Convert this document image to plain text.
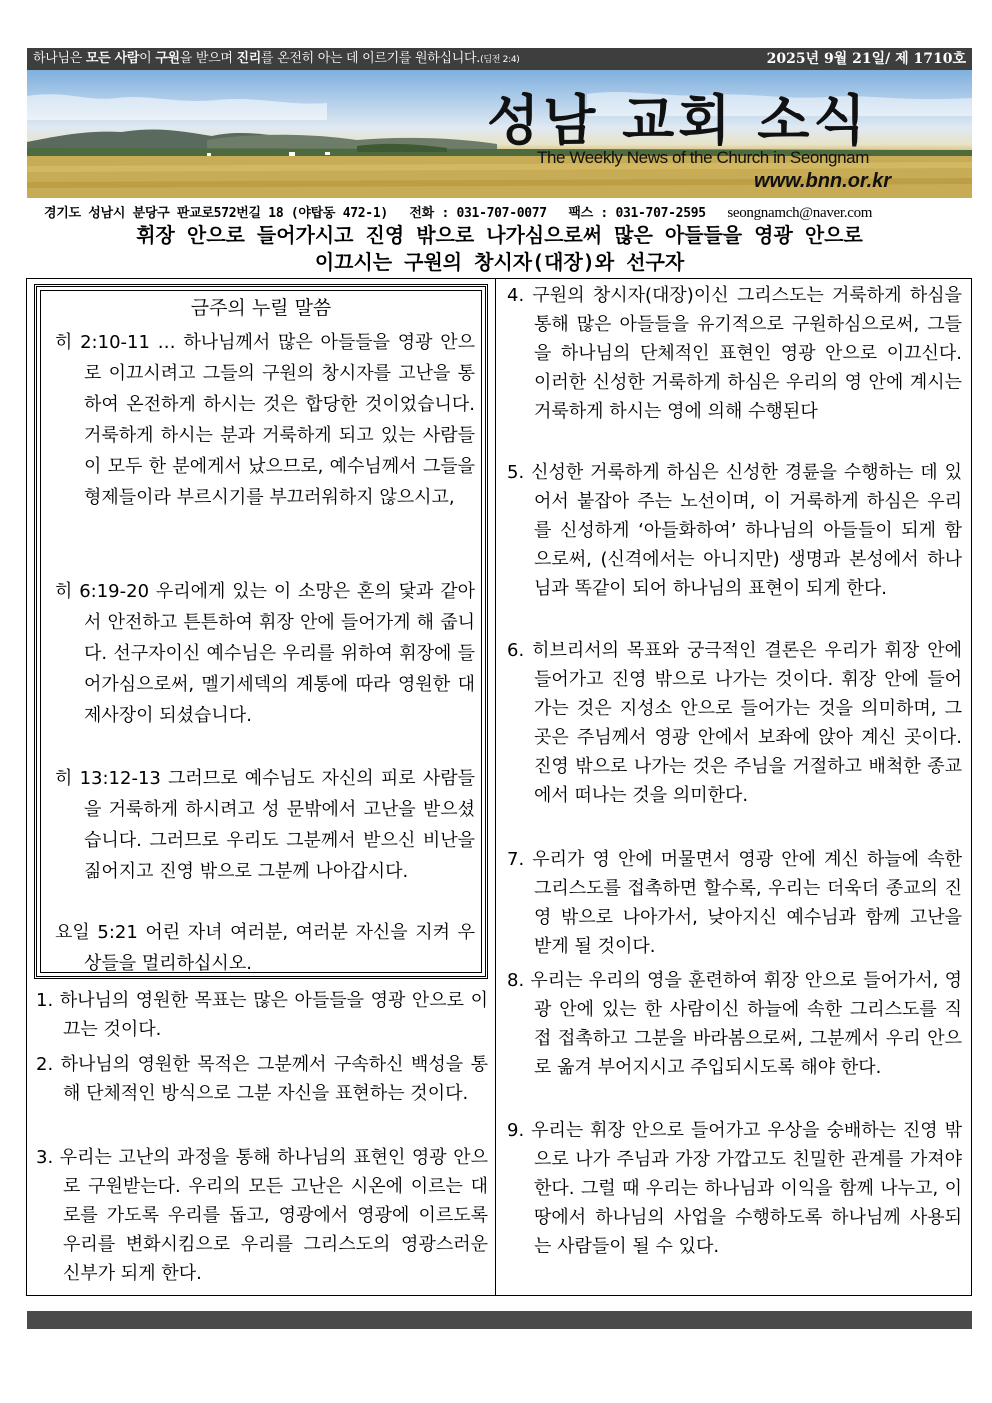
하나님은 모든 사람이 구원을 받으며 진리를 온전히 아는 데 이르기를 원하십니다.(딤전 2:4)	2025년 9월 21일/ 제 1710호
성남 교회 소식
The Weekly News of the Church in Seongnam
www.bnn.or.kr
경기도 성남시 분당구 판교로572번길 18 (야탑동 472-1) 전화 : 031-707-0077 팩스 : 031-707-2595 seongnamch@naver.com
휘장 안으로 들어가시고 진영 밖으로 나가심으로써 많은 아들들을 영광 안으로
이끄시는 구원의 창시자(대장)와 선구자
금주의 누릴 말씀
히 2:10-11 … 하나님께서 많은 아들들을 영광 안으로 이끄시려고 그들의 구원의 창시자를 고난을 통하여 온전하게 하시는 것은 합당한 것이었습니다. 거룩하게 하시는 분과 거룩하게 되고 있는 사람들이 모두 한 분에게서 났으므로, 예수님께서 그들을 형제들이라 부르시기를 부끄러워하지 않으시고,
히 6:19-20 우리에게 있는 이 소망은 혼의 닻과 같아서 안전하고 튼튼하여 휘장 안에 들어가게 해 줍니다. 선구자이신 예수님은 우리를 위하여 휘장에 들어가심으로써, 멜기세덱의 계통에 따라 영원한 대제사장이 되셨습니다.
히 13:12-13 그러므로 예수님도 자신의 피로 사람들을 거룩하게 하시려고 성 문밖에서 고난을 받으셨습니다. 그러므로 우리도 그분께서 받으신 비난을 짊어지고 진영 밖으로 그분께 나아갑시다.
요일 5:21 어린 자녀 여러분, 여러분 자신을 지켜 우상들을 멀리하십시오.
1. 하나님의 영원한 목표는 많은 아들들을 영광 안으로 이끄는 것이다.
2. 하나님의 영원한 목적은 그분께서 구속하신 백성을 통해 단체적인 방식으로 그분 자신을 표현하는 것이다.
3. 우리는 고난의 과정을 통해 하나님의 표현인 영광 안으로 구원받는다. 우리의 모든 고난은 시온에 이르는 대로를 가도록 우리를 돕고, 영광에서 영광에 이르도록 우리를 변화시킴으로 우리를 그리스도의 영광스러운 신부가 되게 한다.
4. 구원의 창시자(대장)이신 그리스도는 거룩하게 하심을 통해 많은 아들들을 유기적으로 구원하심으로써, 그들을 하나님의 단체적인 표현인 영광 안으로 이끄신다. 이러한 신성한 거룩하게 하심은 우리의 영 안에 계시는 거룩하게 하시는 영에 의해 수행된다
5. 신성한 거룩하게 하심은 신성한 경륜을 수행하는 데 있어서 붙잡아 주는 노선이며, 이 거룩하게 하심은 우리를 신성하게 ‘아들화하여’ 하나님의 아들들이 되게 함으로써, (신격에서는 아니지만) 생명과 본성에서 하나님과 똑같이 되어 하나님의 표현이 되게 한다.
6. 히브리서의 목표와 궁극적인 결론은 우리가 휘장 안에 들어가고 진영 밖으로 나가는 것이다. 휘장 안에 들어가는 것은 지성소 안으로 들어가는 것을 의미하며, 그곳은 주님께서 영광 안에서 보좌에 앉아 계신 곳이다. 진영 밖으로 나가는 것은 주님을 거절하고 배척한 종교에서 떠나는 것을 의미한다.
7. 우리가 영 안에 머물면서 영광 안에 계신 하늘에 속한 그리스도를 접촉하면 할수록, 우리는 더욱더 종교의 진영 밖으로 나아가서, 낮아지신 예수님과 함께 고난을 받게 될 것이다.
8. 우리는 우리의 영을 훈련하여 휘장 안으로 들어가서, 영광 안에 있는 한 사람이신 하늘에 속한 그리스도를 직접 접촉하고 그분을 바라봄으로써, 그분께서 우리 안으로 옮겨 부어지시고 주입되시도록 해야 한다.
9. 우리는 휘장 안으로 들어가고 우상을 숭배하는 진영 밖으로 나가 주님과 가장 가깝고도 친밀한 관계를 가져야 한다. 그럴 때 우리는 하나님과 이익을 함께 나누고, 이 땅에서 하나님의 사업을 수행하도록 하나님께 사용되는 사람들이 될 수 있다.
